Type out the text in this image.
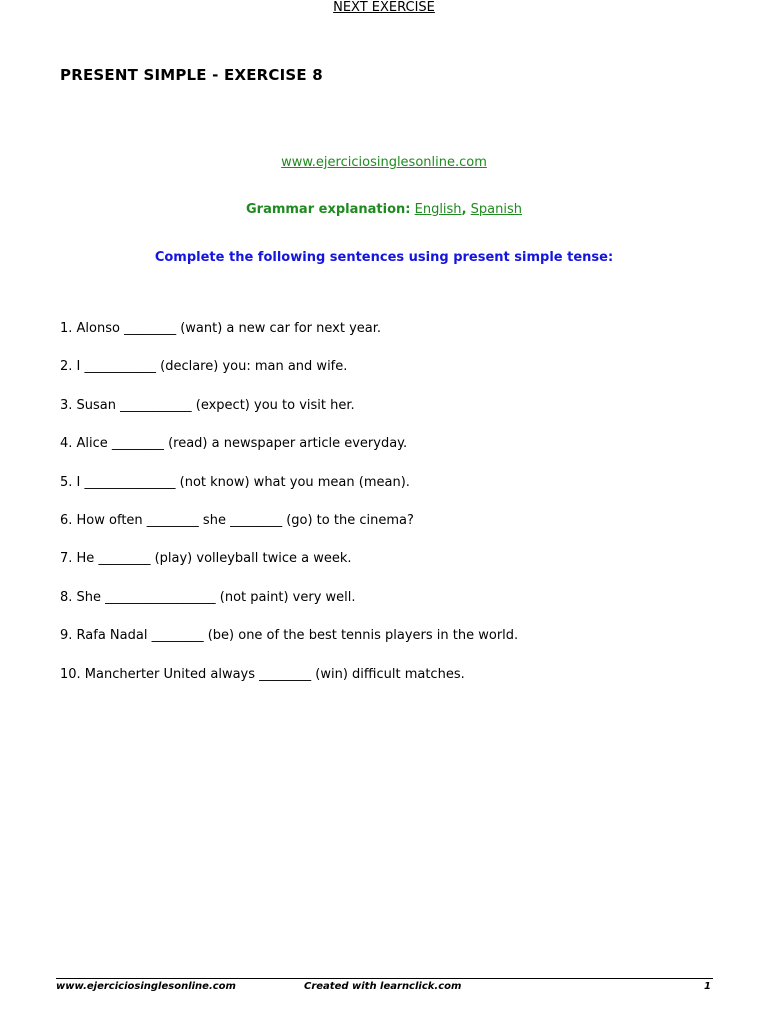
PRESENT SIMPLE - EXERCISE 8
NEXT EXERCISE
www.ejerciciosinglesonline.com
Grammar explanation: English, Spanish
Complete the following sentences using present simple tense:
1. Alonso ________ (want) a new car for next year.
2. I ___________ (declare) you: man and wife.
3. Susan ___________ (expect) you to visit her.
4. Alice ________ (read) a newspaper article everyday.
5. I ______________ (not know) what you mean (mean).
6. How often ________ she ________ (go) to the cinema?
7. He ________ (play) volleyball twice a week.
8. She _________________ (not paint) very well.
9. Rafa Nadal ________ (be) one of the best tennis players in the world.
10. Mancherter United always ________ (win) difficult matches.
www.ejerciciosinglesonline.com	Created with learnclick.com	1
